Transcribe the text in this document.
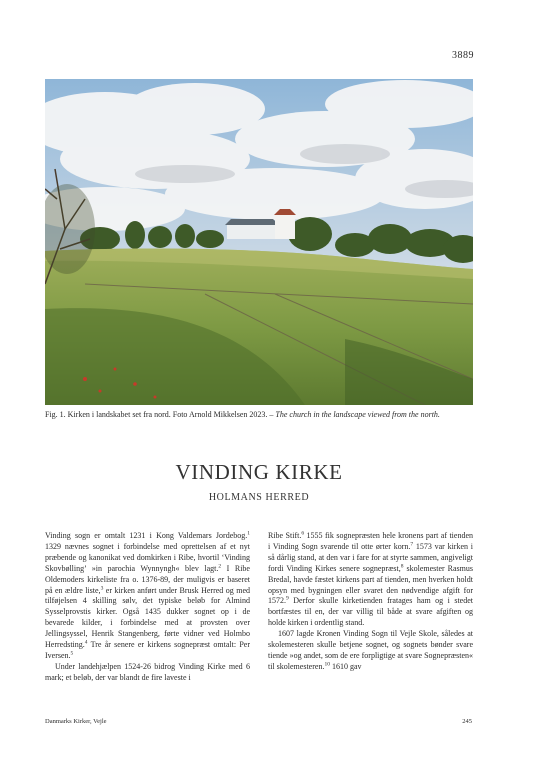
3889
Fig. 1. Kirken i landskabet set fra nord. Foto Arnold Mikkelsen 2023. – The church in the landscape viewed from the north.
VINDING KIRKE
HOLMANS HERRED

Vinding sogn er omtalt 1231 i Kong Valdemars Jordebog.$^1$ 1329 nævnes sognet i forbindelse med oprettelsen af et nyt præbende og kanonikat ved domkirken i Ribe, hvortil ‘Vinding Skovbølling’ »in parochia Wynnyngh« blev lagt.$^2$ I Ribe Oldemoders kirkeliste fra o. 1376-89, der muligvis er baseret på en ældre liste,$^3$ er kirken anført under Brusk Herred og med tilføjelsen 4 skilling sølv, det typiske beløb for Almind Sysselprovstis kirker. Også 1435 dukker sognet op i de bevarede kilder, i forbindelse med at provsten over Jellingsyssel, Henrik Stangenberg, førte vidner ved Holmbo Herredsting.$^4$ Tre år senere er kirkens sognepræst omtalt: Per Iversen.$^5$

Under landehjælpen 1524-26 bidrog Vinding Kirke med 6 mark; et beløb, der var blandt de fire laveste i

Ribe Stift.$^6$ 1555 fik sognepræsten hele kronens part af tienden i Vinding Sogn svarende til otte ørter korn.$^7$ 1573 var kirken i så dårlig stand, at den var i fare for at styrte sammen, angiveligt fordi Vinding Kirkes senere sognepræst,$^8$ skolemester Rasmus Bredal, havde fæstet kirkens part af tienden, men hverken holdt opsyn med bygningen eller svaret den nødvendige afgift for 1572.$^9$ Derfor skulle kirketienden fratages ham og i stedet bortfæstes til en, der var villig til både at svare afgiften og holde kirken i ordentlig stand.

1607 lagde Kronen Vinding Sogn til Vejle Skole, således at skolemesteren skulle betjene sognet, og sognets bønder svare tiende »og andet, som de ere forpligtige at svare Sognepræsten« til skolemesteren.$^{10}$ 1610 gav

Danmarks Kirker, Vejle	245
